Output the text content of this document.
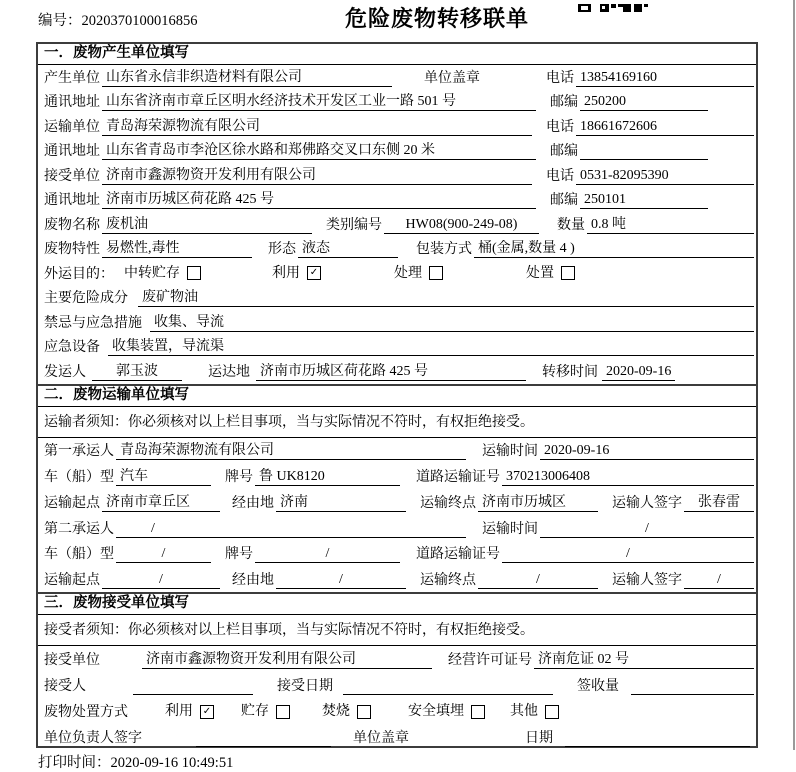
编号：2020370100016856	危险废物转移联单
一．废物产生单位填写
产生单位 山东省永信非织造材料有限公司	单位盖章	电话 13854169160
通讯地址 山东省济南市章丘区明水经济技术开发区工业一路 501 号	邮编 250200
运输单位 青岛海荣源物流有限公司	电话 18661672606
通讯地址 山东省青岛市李沧区徐水路和郑佛路交叉口东侧 20 米	邮编
接受单位 济南市鑫源物资开发利用有限公司	电话 0531-82095390
通讯地址 济南市历城区荷花路 425 号	邮编 250101
废物名称 废机油	类别编号	HW08(900-249-08)	数量 0.8 吨
废物特性 易燃性,毒性	形态 液态	包装方式 桶(金属,数量 4 )
外运目的： 中转贮存	利用 ✓	处理	处置
主要危险成分 废矿物油
禁忌与应急措施 收集、导流
应急设备 收集装置，导流渠
发运人	郭玉波	运达地 济南市历城区荷花路 425 号	转移时间 2020-09-16
二．废物运输单位填写
运输者须知：你必须核对以上栏目事项，当与实际情况不符时，有权拒绝接受。
第一承运人 青岛海荣源物流有限公司	运输时间 2020-09-16
车（船）型 汽车	牌号 鲁 UK8120	道路运输证号 370213006408
运输起点 济南市章丘区	经由地 济南	运输终点 济南市历城区	运输人签字	张春雷
第二承运人	/	运输时间	/
车（船）型	/	牌号	/	道路运输证号	/
运输起点	/	经由地	/	运输终点	/	运输人签字	/
三．废物接受单位填写
接受者须知：你必须核对以上栏目事项，当与实际情况不符时，有权拒绝接受。
接受单位	济南市鑫源物资开发利用有限公司	经营许可证号 济南危证 02 号
接受人	接受日期	签收量
废物处置方式	利用 ✓ 贮存	焚烧	安全填埋	其他
单位负责人签字	单位盖章	日期
打印时间：2020-09-16 10:49:51
